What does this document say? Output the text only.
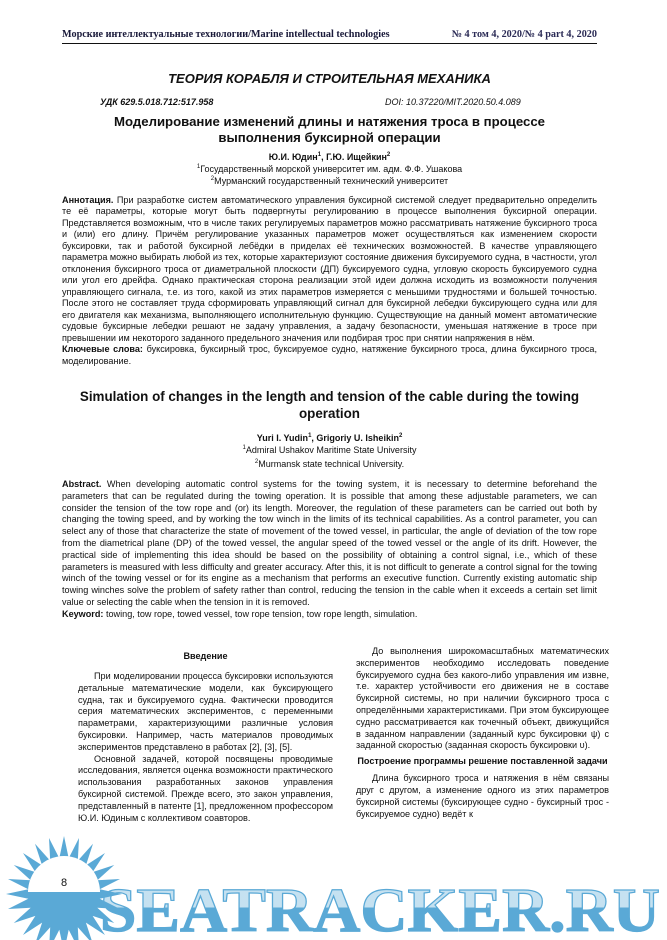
Морские интеллектуальные технологии/Marine intellectual technologies	№ 4 том 4, 2020/№ 4 part 4, 2020
ТЕОРИЯ КОРАБЛЯ И СТРОИТЕЛЬНАЯ МЕХАНИКА
УДК 629.5.018.712:517.958	DOI: 10.37220/MIT.2020.50.4.089
Моделирование изменений длины и натяжения троса в процессе выполнения буксирной операции
Ю.И. Юдин$^1$, Г.Ю. Ищейкин$^2$
$^1$Государственный морской университет им. адм. Ф.Ф. Ушакова
$^2$Мурманский государственный технический университет
Аннотация. При разработке систем автоматического управления буксирной системой следует предварительно определить те её параметры, которые могут быть подвергнуты регулированию в процессе выполнения буксирной операции. Представляется возможным, что в числе таких регулируемых параметров можно рассматривать натяжение буксирного троса и (или) его длину. Причём регулирование указанных параметров может осуществляться как изменением скорости буксировки, так и работой буксирной лебёдки в приделах её технических возможностей. В качестве управляющего параметра можно выбирать любой из тех, которые характеризуют состояние движения буксируемого судна, в частности, угол отклонения буксирного троса от диаметральной плоскости (ДП) буксируемого судна, угловую скорость буксируемого судна или угол его дрейфа. Однако практическая сторона реализации этой идеи должна исходить из возможности получения управляющего сигнала, т.е. из того, какой из этих параметров измеряется с меньшими трудностями и большей точностью. После этого не составляет труда сформировать управляющий сигнал для буксирной лебедки буксирующего судна или для его двигателя как механизма, выполняющего исполнительную функцию. Существующие на данный момент автоматические судовые буксирные лебедки решают не задачу управления, а задачу безопасности, уменьшая натяжение в тросе при превышении им некоторого заданного предельного значения или подбирая трос при снятии напряжения в нём.
Ключевые слова: буксировка, буксирный трос, буксируемое судно, натяжение буксирного троса, длина буксирного троса, моделирование.
Simulation of changes in the length and tension of the cable during the towing operation
Yuri I. Yudin$^1$, Grigoriy U. Isheikin$^2$
$^1$Admiral Ushakov Maritime State University
$^2$Murmansk state technical University.
Abstract. When developing automatic control systems for the towing system, it is necessary to determine beforehand the parameters that can be regulated during the towing operation. It is possible that among these adjustable parameters, we can consider the tension of the tow rope and (or) its length. Moreover, the regulation of these parameters can be carried out both by changing the towing speed, and by working the tow winch in the limits of its technical capabilities. As a control parameter, you can select any of those that characterize the state of movement of the towed vessel, in particular, the angle of deviation of the tow rope from the diametrical plane (DP) of the towed vessel, the angular speed of the towed vessel or the angle of its drift. However, the practical side of implementing this idea should be based on the possibility of obtaining a control signal, i.e., which of these parameters is measured with less difficulty and greater accuracy. After this, it is not difficult to generate a control signal for the towing winch of the towing vessel or for its engine as a mechanism that performs an executive function. Currently existing automatic ship towing winches solve the problem of safety rather than control, reducing the tension in the cable when it exceeds a certain set limit value or selecting the cable when the tension in it is removed.
Keyword: towing, tow rope, towed vessel, tow rope tension, tow rope length, simulation.
Введение

При моделировании процесса буксировки используются детальные математические модели, как буксирующего судна, так и буксируемого судна. Фактически проводится серия математических экспериментов, с переменными параметрами, характеризующими различные условия буксировки. Например, часть материалов проводимых экспериментов представлено в работах [2], [3], [5].

Основной задачей, которой посвящены проводимые исследования, является оценка возможности практического использования разработанных законов управления буксирной системой. Прежде всего, это закон управления, представленный в патенте [1], предложенном профессором Ю.И. Юдиным с коллективом соавторов.

До выполнения широкомасштабных математических экспериментов необходимо исследовать поведение буксируемого судна без какого-либо управления им извне, т.е. характер устойчивости его движения не в составе буксирной системы, но при наличии буксирного троса с определёнными характеристиками. При этом буксирующее судно рассматривается как точечный объект, движущийся в заданном направлении (заданный курс буксировки ψ) с заданной скоростью (заданная скорость буксировки υ).

Построение программы решение поставленной задачи

Длина буксирного троса и натяжения в нём связаны друг с другом, а изменение одного из этих параметров буксирной системы (буксирующее судно - буксирный трос - буксируемое судно) ведёт к

SEATRACKER.RU
8
